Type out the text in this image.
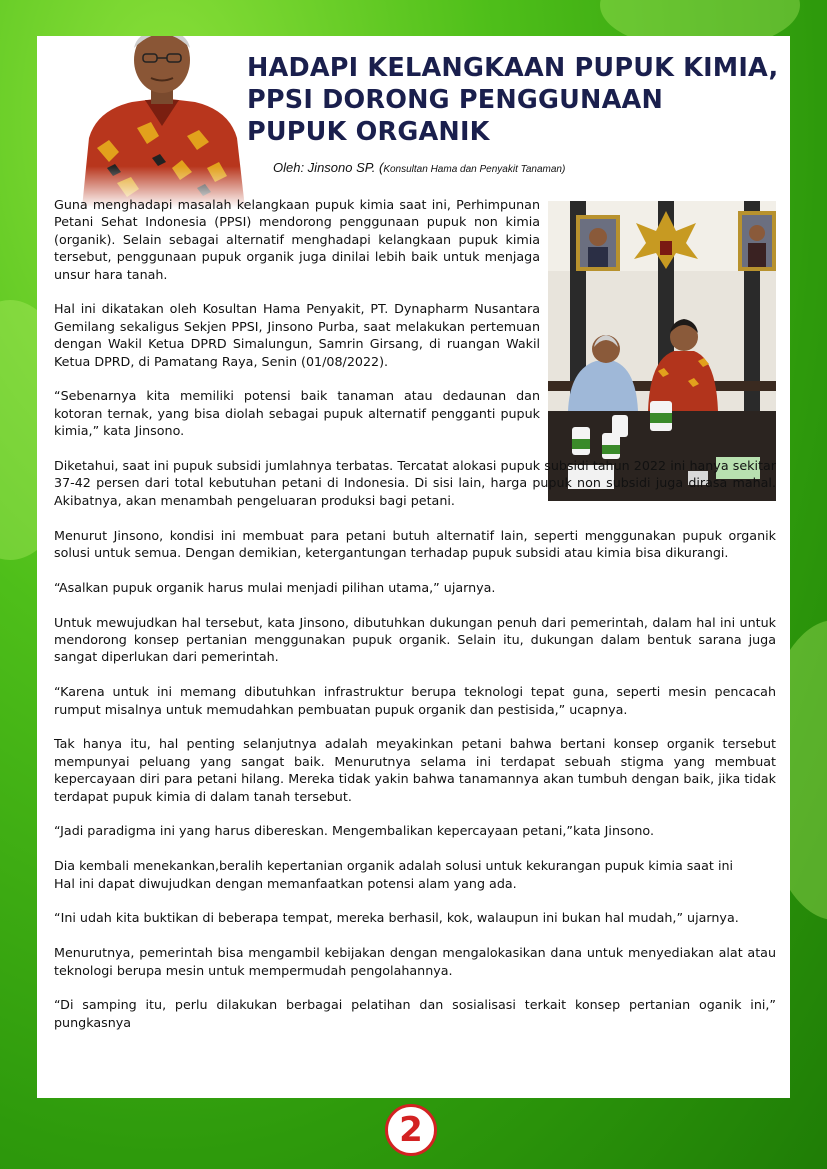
HADAPI KELANGKAAN PUPUK KIMIA,
PPSI DORONG PENGGUNAAN
PUPUK ORGANIK
Oleh: Jinsono SP. (Konsultan Hama dan Penyakit Tanaman)

Guna menghadapi masalah kelangkaan pupuk kimia saat ini, Perhimpunan Petani Sehat Indonesia (PPSI) mendorong penggunaan pupuk non kimia (organik). Selain sebagai alternatif menghadapi kelangkaan pupuk kimia tersebut, penggunaan pupuk organik juga dinilai lebih baik untuk menjaga unsur hara tanah.

Hal ini dikatakan oleh Kosultan Hama Penyakit, PT. Dynapharm Nusantara Gemilang sekaligus Sekjen PPSI, Jinsono Purba, saat melakukan pertemuan dengan Wakil Ketua DPRD Simalungun, Samrin Girsang, di ruangan Wakil Ketua DPRD, di Pamatang Raya, Senin (01/08/2022).

“Sebenarnya kita memiliki potensi baik tanaman atau dedaunan dan kotoran ternak, yang bisa diolah sebagai pupuk alternatif pengganti pupuk kimia,” kata Jinsono.

Diketahui, saat ini pupuk subsidi jumlahnya terbatas. Tercatat alokasi pupuk subsidi tahun 2022 ini hanya sekitar 37-42 persen dari total kebutuhan petani di Indonesia. Di sisi lain, harga pupuk non subsidi juga dirasa mahal. Akibatnya, akan menambah pengeluaran produksi bagi petani.

Menurut Jinsono, kondisi ini membuat para petani butuh alternatif lain, seperti menggunakan pupuk organik solusi untuk semua. Dengan demikian, ketergantungan terhadap pupuk subsidi atau kimia bisa dikurangi.

“Asalkan pupuk organik harus mulai menjadi pilihan utama,” ujarnya.

Untuk mewujudkan hal tersebut, kata Jinsono, dibutuhkan dukungan penuh dari pemerintah, dalam hal ini untuk mendorong konsep pertanian menggunakan pupuk organik. Selain itu, dukungan dalam bentuk sarana juga sangat diperlukan dari pemerintah.

“Karena untuk ini memang dibutuhkan infrastruktur berupa teknologi tepat guna, seperti mesin pencacah rumput misalnya untuk memudahkan pembuatan pupuk organik dan pestisida,” ucapnya.

Tak hanya itu, hal penting selanjutnya adalah meyakinkan petani bahwa bertani konsep organik tersebut mempunyai peluang yang sangat baik. Menurutnya selama ini terdapat sebuah stigma yang membuat kepercayaan diri para petani hilang. Mereka tidak yakin bahwa tanamannya akan tumbuh dengan baik, jika tidak terdapat pupuk kimia di dalam tanah tersebut.

“Jadi paradigma ini yang harus dibereskan. Mengembalikan kepercayaan petani,”kata Jinsono.

Dia kembali menekankan,beralih kepertanian organik adalah solusi untuk kekurangan pupuk kimia saat ini
Hal ini dapat diwujudkan dengan memanfaatkan potensi alam yang ada.

“Ini udah kita buktikan di beberapa tempat, mereka berhasil, kok, walaupun ini bukan hal mudah,” ujarnya.

Menurutnya, pemerintah bisa mengambil kebijakan dengan mengalokasikan dana untuk menyediakan alat atau teknologi berupa mesin untuk mempermudah pengolahannya.

“Di samping itu, perlu dilakukan berbagai pelatihan dan sosialisasi terkait konsep pertanian oganik ini,” pungkasnya

2
